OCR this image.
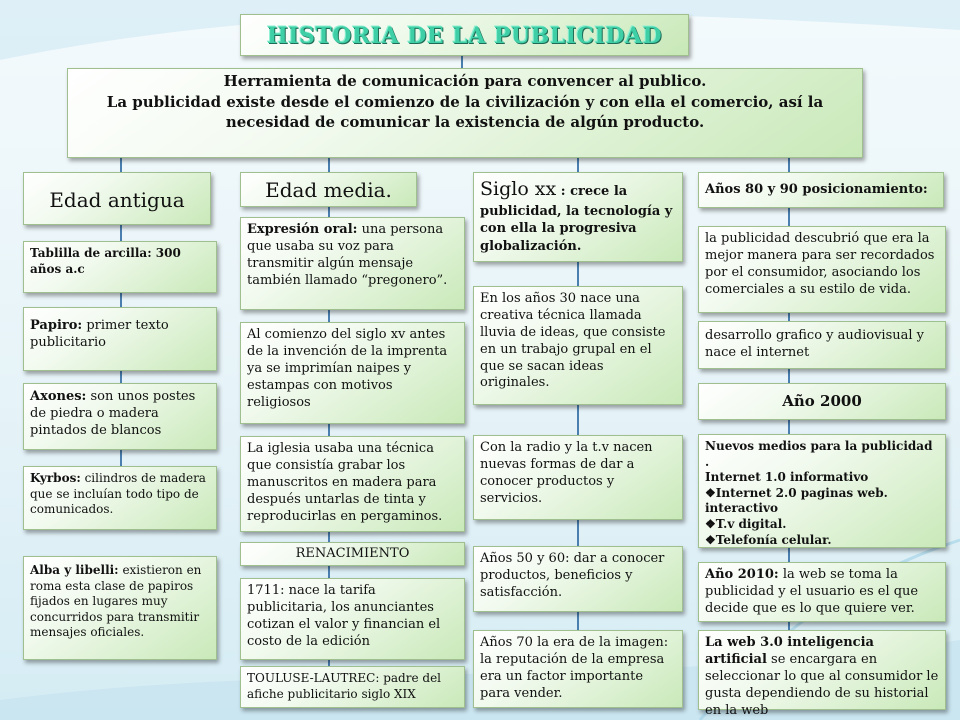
HISTORIA DE LA PUBLICIDAD
Herramienta de comunicación para convencer al publico.
La publicidad existe desde el comienzo de la civilización y con ella el comercio, así la necesidad de comunicar la existencia de algún producto.
Edad antigua
Tablilla de arcilla: 300 años a.c
Papiro: primer texto publicitario
Axones: son unos postes de piedra o madera pintados de blancos
Kyrbos: cilindros de madera que se incluían todo tipo de comunicados.
Alba y libelli: existieron en roma esta clase de papiros fijados en lugares muy concurridos para transmitir mensajes oficiales.
Edad media.
Expresión oral: una persona que usaba su voz para transmitir algún mensaje también llamado “pregonero”.
Al comienzo del siglo xv antes de la invención de la imprenta ya se imprimían naipes y estampas con motivos religiosos
La iglesia usaba una técnica que consistía grabar los manuscritos en madera para después untarlas de tinta y reproducirlas en pergaminos.
RENACIMIENTO
1711: nace la tarifa publicitaria, los anunciantes cotizan el valor y financian el costo de la edición
TOULUSE-LAUTREC: padre del afiche publicitario siglo XIX
Siglo xx : crece la publicidad, la tecnología y con ella la progresiva globalización.
En los años 30 nace una creativa técnica llamada lluvia de ideas, que consiste en un trabajo grupal en el que se sacan ideas originales.
Con la radio y la t.v nacen nuevas formas de dar a conocer productos y servicios.
Años 50 y 60: dar a conocer productos, beneficios y satisfacción.
Años 70 la era de la imagen: la reputación de la empresa era un factor importante para vender.
Años 80 y 90 posicionamiento:
la publicidad descubrió que era la mejor manera para ser recordados por el consumidor, asociando los comerciales a su estilo de vida.
desarrollo grafico y audiovisual y nace el internet
Año 2000
Nuevos medios para la publicidad .
Internet 1.0 informativo
❖Internet 2.0 paginas web. interactivo
❖T.v digital.
❖Telefonía celular.
Año 2010: la web se toma la publicidad y el usuario es el que decide que es lo que quiere ver.
La web 3.0 inteligencia artificial se encargara en seleccionar lo que al consumidor le gusta dependiendo de su historial en la web
